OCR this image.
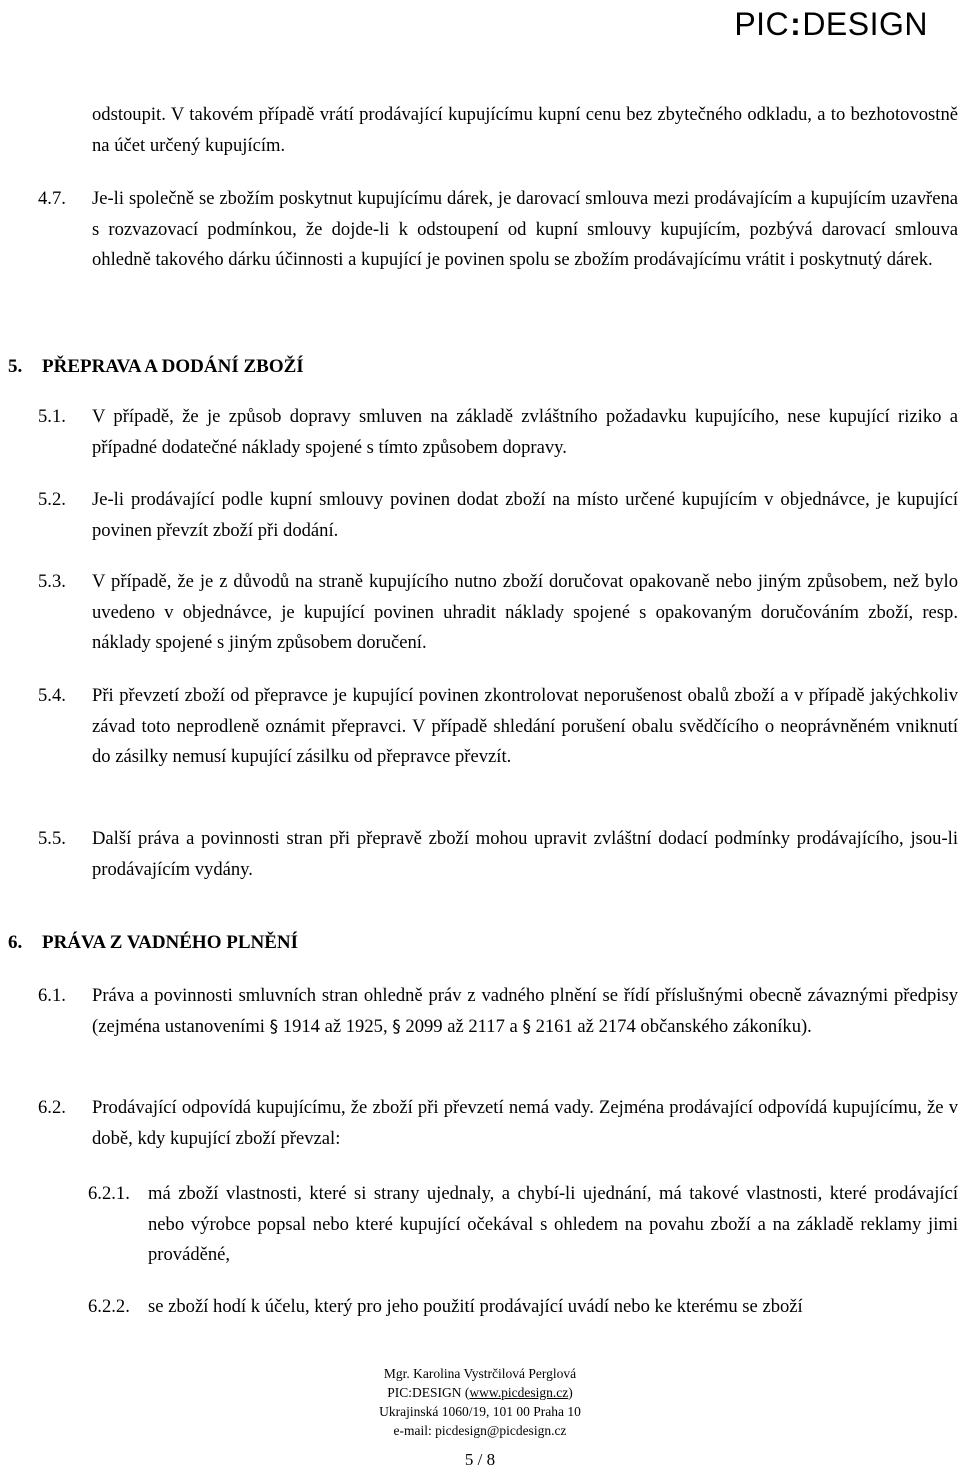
PIC:DESIGN
odstoupit. V takovém případě vrátí prodávající kupujícímu kupní cenu bez zbytečného odkladu, a to bezhotovostně na účet určený kupujícím.
4.7. Je-li společně se zbožím poskytnut kupujícímu dárek, je darovací smlouva mezi prodávajícím a kupujícím uzavřena s rozvazovací podmínkou, že dojde-li k odstoupení od kupní smlouvy kupujícím, pozbývá darovací smlouva ohledně takového dárku účinnosti a kupující je povinen spolu se zbožím prodávajícímu vrátit i poskytnutý dárek.
5. PŘEPRAVA A DODÁNÍ ZBOŽÍ
5.1. V případě, že je způsob dopravy smluven na základě zvláštního požadavku kupujícího, nese kupující riziko a případné dodatečné náklady spojené s tímto způsobem dopravy.
5.2. Je-li prodávající podle kupní smlouvy povinen dodat zboží na místo určené kupujícím v objednávce, je kupující povinen převzít zboží při dodání.
5.3. V případě, že je z důvodů na straně kupujícího nutno zboží doručovat opakovaně nebo jiným způsobem, než bylo uvedeno v objednávce, je kupující povinen uhradit náklady spojené s opakovaným doručováním zboží, resp. náklady spojené s jiným způsobem doručení.
5.4. Při převzetí zboží od přepravce je kupující povinen zkontrolovat neporušenost obalů zboží a v případě jakýchkoliv závad toto neprodleně oznámit přepravci. V případě shledání porušení obalu svědčícího o neoprávněném vniknutí do zásilky nemusí kupující zásilku od přepravce převzít.
5.5. Další práva a povinnosti stran při přepravě zboží mohou upravit zvláštní dodací podmínky prodávajícího, jsou-li prodávajícím vydány.
6. PRÁVA Z VADNÉHO PLNĚNÍ
6.1. Práva a povinnosti smluvních stran ohledně práv z vadného plnění se řídí příslušnými obecně závaznými předpisy (zejména ustanoveními § 1914 až 1925, § 2099 až 2117 a § 2161 až 2174 občanského zákoníku).
6.2. Prodávající odpovídá kupujícímu, že zboží při převzetí nemá vady. Zejména prodávající odpovídá kupujícímu, že v době, kdy kupující zboží převzal:
6.2.1. má zboží vlastnosti, které si strany ujednaly, a chybí-li ujednání, má takové vlastnosti, které prodávající nebo výrobce popsal nebo které kupující očekával s ohledem na povahu zboží a na základě reklamy jimi prováděné,
6.2.2. se zboží hodí k účelu, který pro jeho použití prodávající uvádí nebo ke kterému se zboží
Mgr. Karolina Vystrčilová Perglová
PIC:DESIGN (www.picdesign.cz)
Ukrajinská 1060/19, 101 00 Praha 10
e-mail: picdesign@picdesign.cz
5 / 8
